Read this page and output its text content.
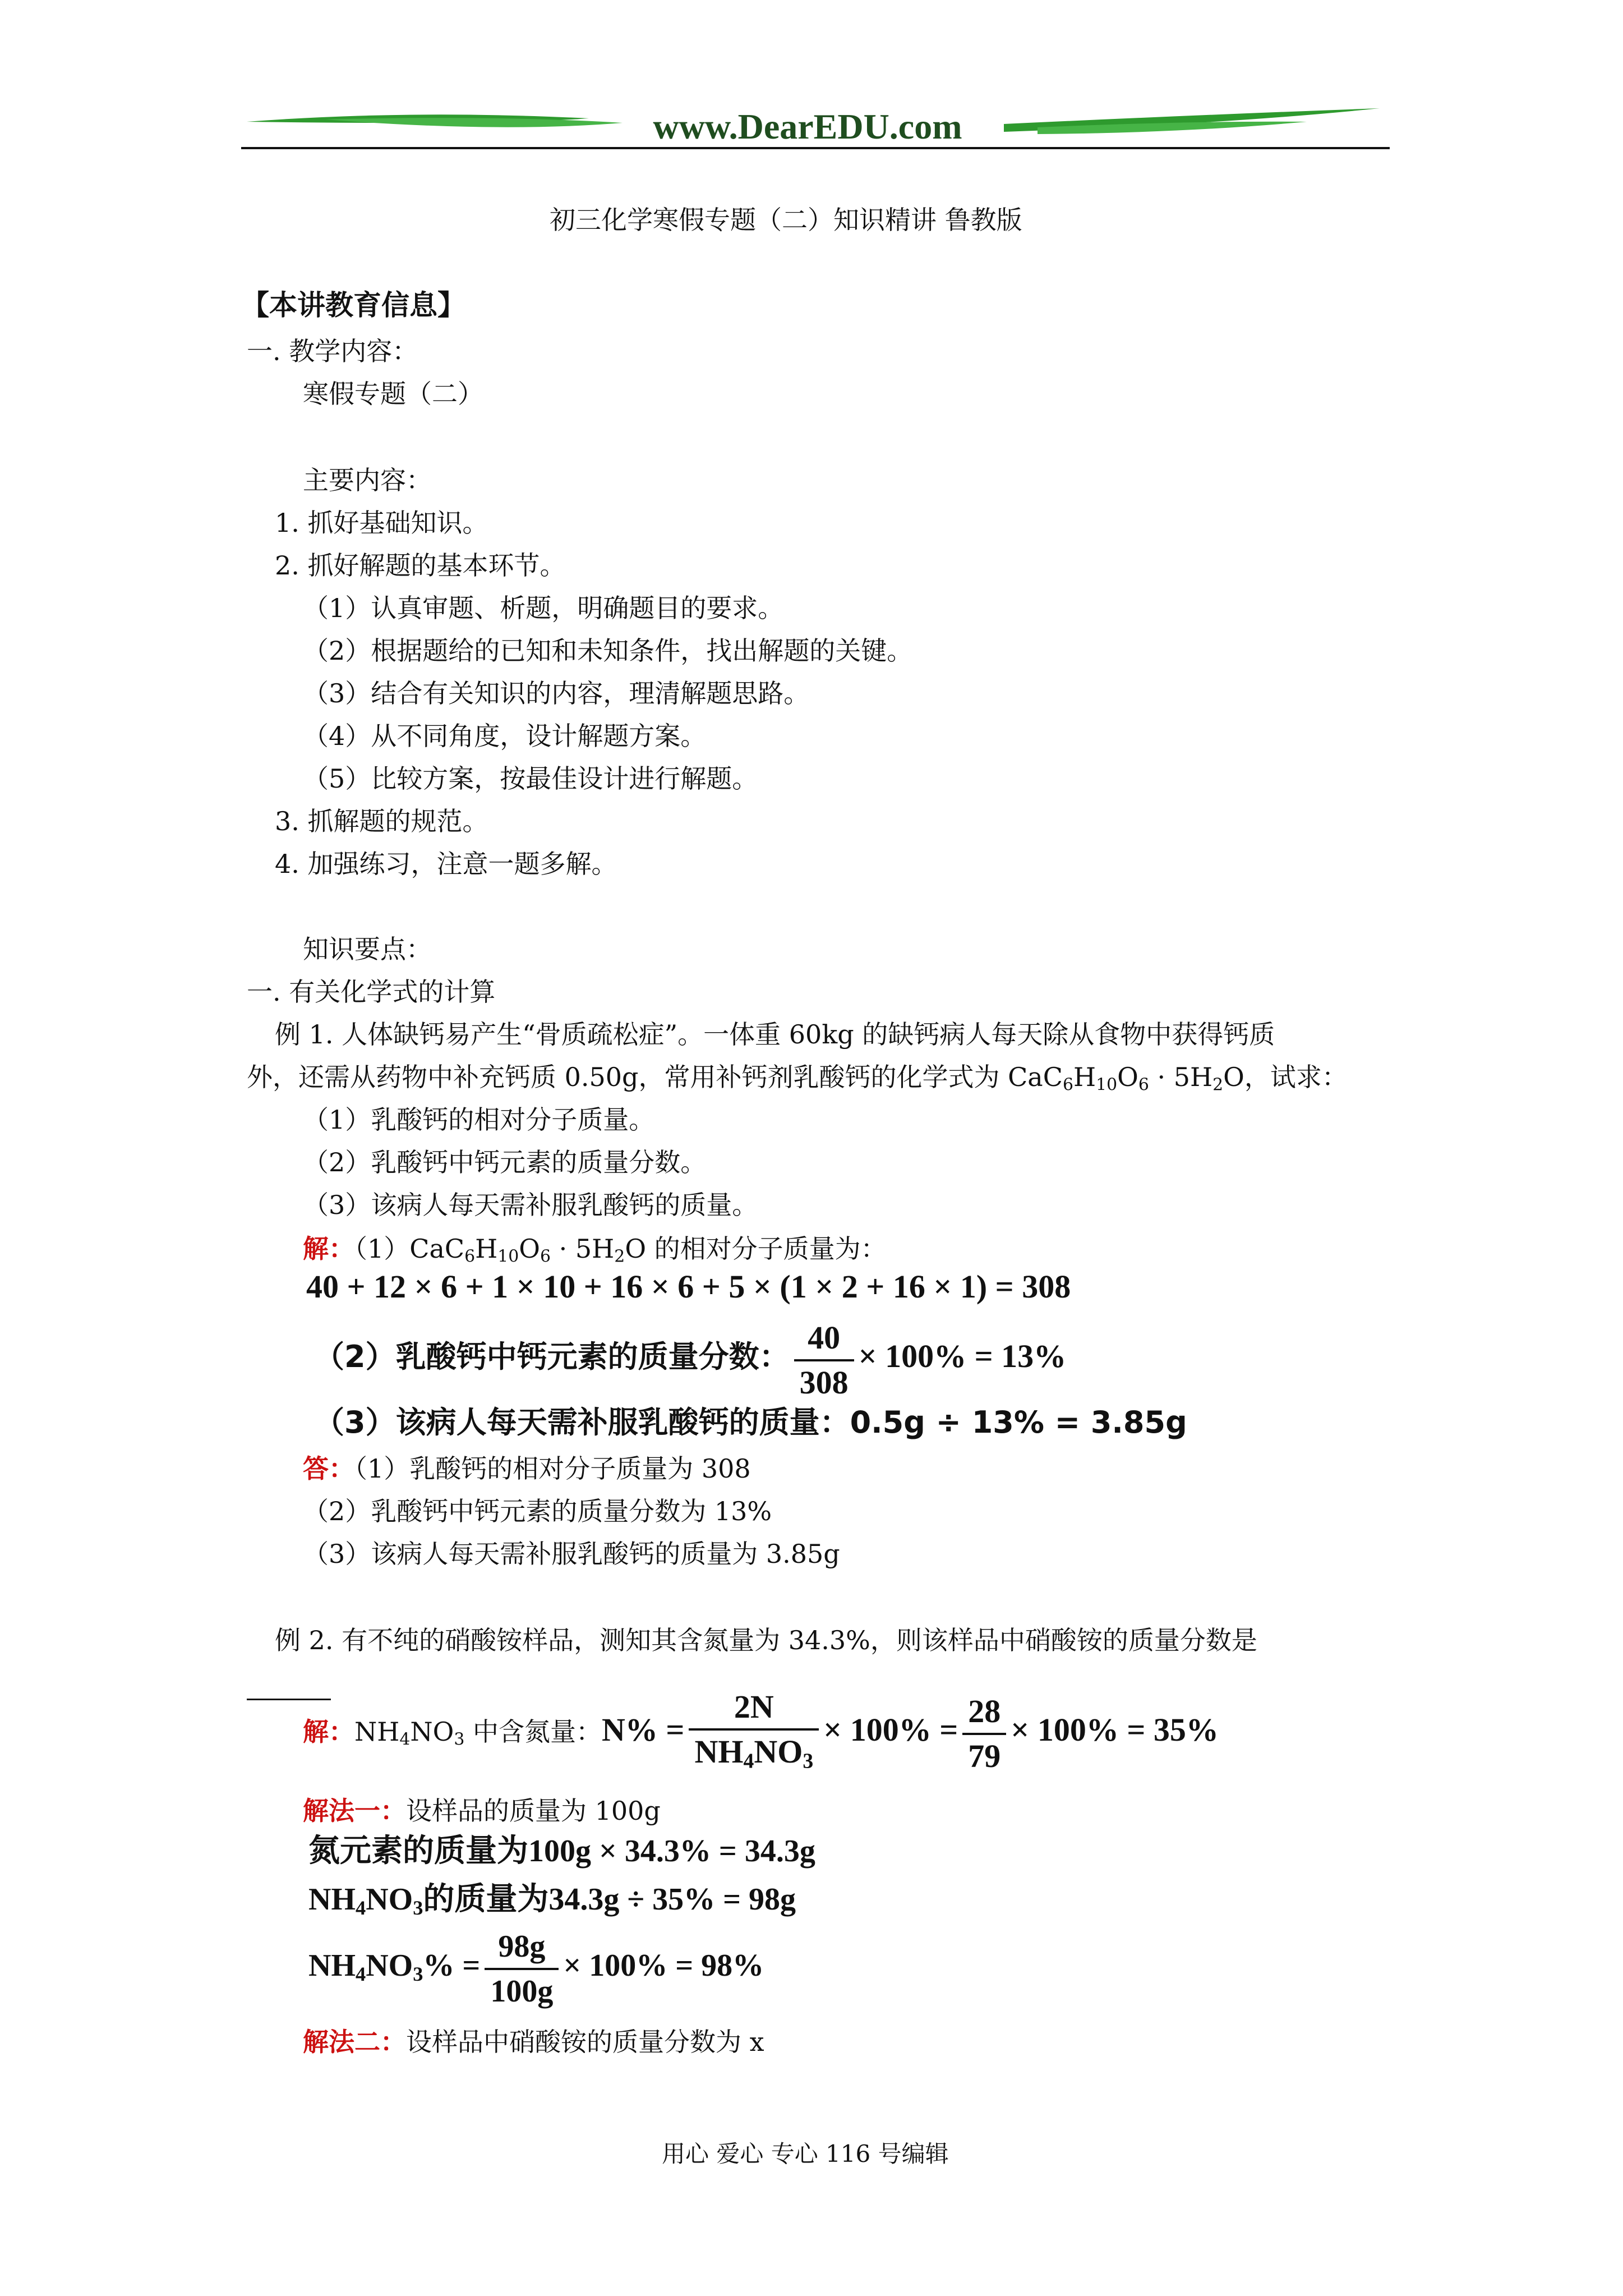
www.DearEDU.com
初三化学寒假专题（二）知识精讲 鲁教版
【本讲教育信息】
一. 教学内容：
寒假专题（二）
主要内容：
1. 抓好基础知识。
2. 抓好解题的基本环节。
（1）认真审题、析题，明确题目的要求。
（2）根据题给的已知和未知条件，找出解题的关键。
（3）结合有关知识的内容，理清解题思路。
（4）从不同角度，设计解题方案。
（5）比较方案，按最佳设计进行解题。
3. 抓解题的规范。
4. 加强练习，注意一题多解。
知识要点：
一. 有关化学式的计算
例 1. 人体缺钙易产生“骨质疏松症”。一体重 60kg 的缺钙病人每天除从食物中获得钙质
外，还需从药物中补充钙质 0.50g，常用补钙剂乳酸钙的化学式为 $CaC_6H_{10}O_6 \cdot 5H_2O$，试求：
（1）乳酸钙的相对分子质量。
（2）乳酸钙中钙元素的质量分数。
（3）该病人每天需补服乳酸钙的质量。
解：$(1)CaC_6H_{10}O_6 \cdot 5H_2O$ 的相对分子质量为：
40 + 12 × 6 + 1 × 10 + 16 × 6 + 5 × (1 × 2 + 16 × 1) = 308
（2）乳酸钙中钙元素的质量分数： $\frac{40}{308} \times 100\% = 13\%$
（3）该病人每天需补服乳酸钙的质量：0.5g ÷ 13% = 3.85g
答：（1）乳酸钙的相对分子质量为 308
（2）乳酸钙中钙元素的质量分数为 13%
（3）该病人每天需补服乳酸钙的质量为 3.85g
例 2. 有不纯的硝酸铵样品，测知其含氮量为 34.3%，则该样品中硝酸铵的质量分数是
解：$NH_4NO_3$ 中含氮量：$N\% = \frac{2N}{NH_4NO_3} \times 100\% = \frac{28}{79} \times 100\% = 35\%$
解法一：设样品的质量为 100g
氮元素的质量为100g × 34.3% = 34.3g
$NH_4NO_3$的质量为34.3g ÷ 35% = 98g
$NH_4NO_3\% = \frac{98g}{100g} \times 100\% = 98\%$
解法二：设样品中硝酸铵的质量分数为 x
用心 爱心 专心 116 号编辑
